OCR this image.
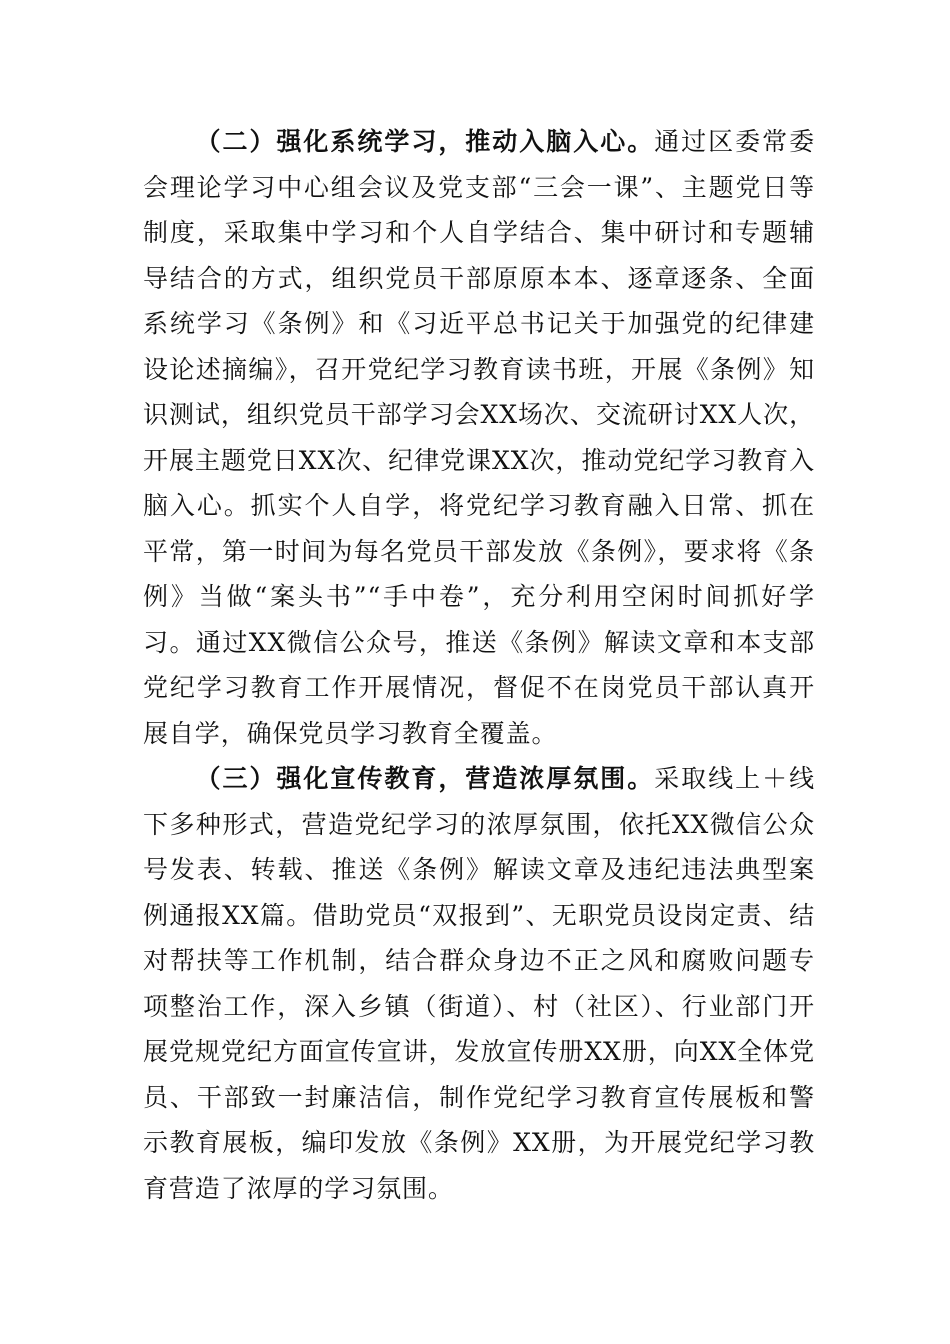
（二）强化系统学习，推动入脑入心。通过区委常委会理论学习中心组会议及党支部“三会一课”、主题党日等制度，采取集中学习和个人自学结合、集中研讨和专题辅导结合的方式，组织党员干部原原本本、逐章逐条、全面系统学习《条例》和《习近平总书记关于加强党的纪律建设论述摘编》，召开党纪学习教育读书班，开展《条例》知识测试，组织党员干部学习会XX场次、交流研讨XX人次，开展主题党日XX次、纪律党课XX次，推动党纪学习教育入脑入心。抓实个人自学，将党纪学习教育融入日常、抓在平常，第一时间为每名党员干部发放《条例》，要求将《条例》当做“案头书”“手中卷”，充分利用空闲时间抓好学习。通过XX微信公众号，推送《条例》解读文章和本支部党纪学习教育工作开展情况，督促不在岗党员干部认真开展自学，确保党员学习教育全覆盖。

（三）强化宣传教育，营造浓厚氛围。采取线上＋线下多种形式，营造党纪学习的浓厚氛围，依托XX微信公众号发表、转载、推送《条例》解读文章及违纪违法典型案例通报XX篇。借助党员“双报到”、无职党员设岗定责、结对帮扶等工作机制，结合群众身边不正之风和腐败问题专项整治工作，深入乡镇（街道）、村（社区）、行业部门开展党规党纪方面宣传宣讲，发放宣传册XX册，向XX全体党员、干部致一封廉洁信，制作党纪学习教育宣传展板和警示教育展板，编印发放《条例》XX册，为开展党纪学习教育营造了浓厚的学习氛围。
